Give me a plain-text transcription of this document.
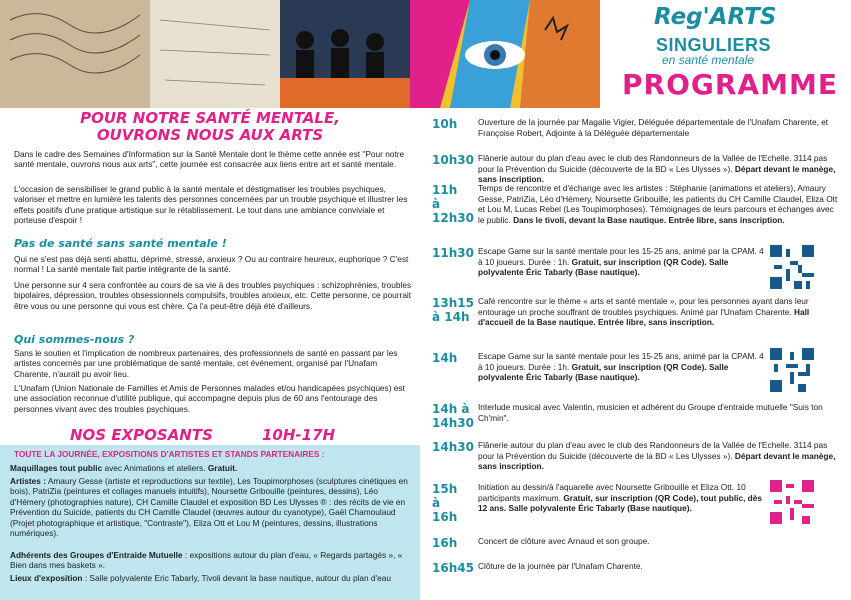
Reg'ARTS
SINGULIERS
en santé mentale
PROGRAMME
POUR NOTRE SANTÉ MENTALE,
OUVRONS NOUS AUX ARTS
Dans le cadre des Semaines d'Information sur la Santé Mentale dont le thème cette année est "Pour notre santé mentale, ouvrons nous aux arts", cette journée est consacrée aux liens entre art et santé mentale.
L'occasion de sensibiliser le grand public à la santé mentale et déstigmatiser les troubles psychiques, valoriser et mettre en lumière les talents des personnes concernées par un trouble psychique et illustrer les effets positifs d'une pratique artistique sur le rétablissement. Le tout dans une ambiance conviviale et porteuse d'espoir !
Pas de santé sans santé mentale !
Qui ne s'est pas déjà senti abattu, déprimé, stressé, anxieux ? Ou au contraire heureux, euphorique ? C'est normal ! La santé mentale fait partie intégrante de la santé.
Une personne sur 4 sera confrontée au cours de sa vie à des troubles psychiques : schizophrénies, troubles bipolaires, dépression, troubles obsessionnels compulsifs, troubles anxieux, etc. Cette personne, ce pourrait être vous ou une personne qui vous est chère. Ça l'a peut-être déjà été d'ailleurs.
Qui sommes-nous ?
Sans le soutien et l'implication de nombreux partenaires, des professionnels de santé en passant par les artistes concernés par une problématique de santé mentale, cet événement, organisé par l'Unafam Charente, n'aurait pu avoir lieu.
L'Unafam (Union Nationale de Familles et Amis de Personnes malades et/ou handicapées psychiques) est une association reconnue d'utilité publique, qui accompagne depuis plus de 60 ans l'entourage des personnes vivant avec des troubles psychiques.
NOS EXPOSANTS	10H-17H
TOUTE LA JOURNÉE, EXPOSITIONS D'ARTISTES ET STANDS PARTENAIRES :
Maquillages tout public avec Animations et ateliers. Gratuit.
Artistes : Amaury Gesse (artiste et reproductions sur textile), Les Toupimorphoses (sculptures cinétiques en bois), PatriZia (peintures et collages manuels intuitifs), Noursette Gribouille (peintures, dessins), Léo d'Hémery (photographies nature), CH Camille Claudel et exposition BD Les Ulysses ® : des récits de vie en Prévention du Suicide, patients du CH Camille Claudel (œuvres autour du cyanotype), Gaël Chamoulaud (Projet photographique et artistique, "Contraste"), Eliza Ott et Lou M (peintures, dessins, illustrations numériques).
Adhérents des Groupes d'Entraide Mutuelle : expositions autour du plan d'eau, « Regards partagés », « Bien dans mes baskets ».
Lieux d'exposition : Salle polyvalente Eric Tabarly, Tivoli devant la base nautique, autour du plan d'eau
10h	Ouverture de la journée par Magalie Vigier, Déléguée départementale de l'Unafam Charente, et Françoise Robert, Adjointe à la Déléguée départementale
10h30 Flânerie autour du plan d'eau avec le club des Randonneurs de la Vallée de l'Echelle. 3114 pas pour la Prévention du Suicide (découverte de la BD « Les Ulysses »). Départ devant le manège, sans inscription.
11h à 12h30
Temps de rencontre et d'échange avec les artistes : Stéphanie (animations et ateliers), Amaury Gesse, PatriZia, Léo d'Hémery, Noursette Gribouille, les patients du CH Camille Claudel, Eliza Ott et Lou M, Lucas Rebel (Les Toupimorphoses). Témoignages de leurs parcours et échanges avec le public. Dans le tivoli, devant la Base nautique. Entrée libre, sans inscription.
11h30 Escape Game sur la santé mentale pour les 15-25 ans, animé par la CPAM. 4 à 10 joueurs. Durée : 1h. Gratuit, sur inscription (QR Code). Salle polyvalente Éric Tabarly (Base nautique).
13h15 à 14h
Café rencontre sur le thème « arts et santé mentale », pour les personnes ayant dans leur entourage un proche souffrant de troubles psychiques. Animé par l'Unafam Charente. Hall d'accueil de la Base nautique. Entrée libre, sans inscription.
14h	Escape Game sur la santé mentale pour les 15-25 ans, animé par la CPAM. 4 à 10 joueurs. Durée : 1h. Gratuit, sur inscription (QR Code). Salle polyvalente Éric Tabarly (Base nautique).
14h à 14h30
Interlude musical avec Valentin, musicien et adhérent du Groupe d'entraide mutuelle "Suis ton Ch'min".
14h30 Flânerie autour du plan d'eau avec le club des Randonneurs de la Vallée de l'Echelle. 3114 pas pour la Prévention du Suicide (découverte de la BD « Les Ulysses »). Départ devant le manège, sans inscription.
15h à 16h
Initiation au dessin/à l'aquarelle avec Noursette Gribouille et Eliza Ott. 10 participants maximum. Gratuit, sur inscription (QR Code), tout public, dès 12 ans. Salle polyvalente Éric Tabarly (Base nautique).
16h	Concert de clôture avec Arnaud et son groupe.
16h45 Clôture de la journée par l'Unafam Charente.
